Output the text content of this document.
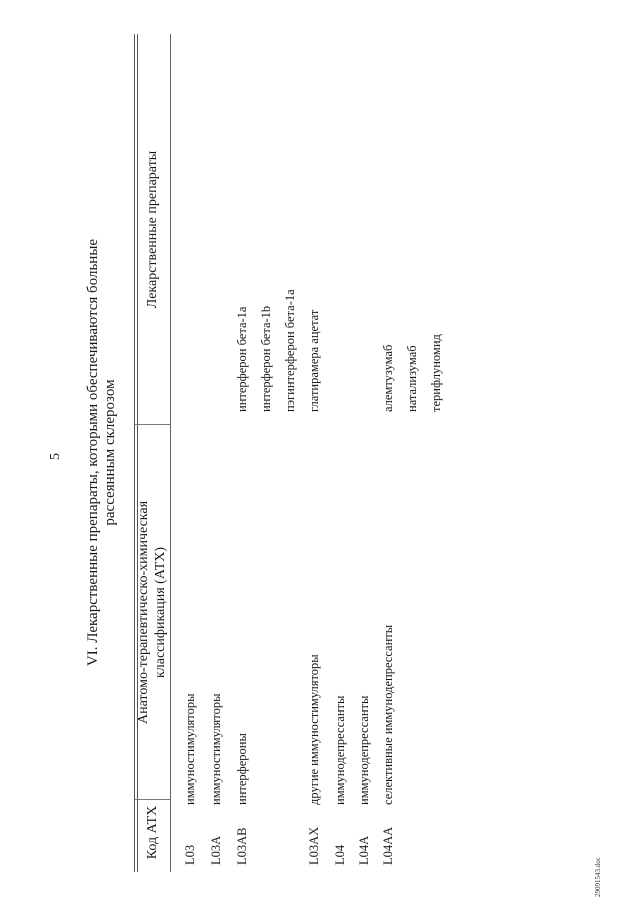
5 VI. Лекарственные препараты, которыми обеспечиваются больные рассеянным склерозом
Код АТХ
Анатомо-терапевтическо-химическая классификация (АТХ)
Лекарственные препараты
L03
иммуностимуляторы
L03A
иммуностимуляторы
L03AB
интерфероны
интерферон бета-1a интерферон бета-1b пэгинтерферон бета-1a
L03AX
другие иммуностимуляторы
глатирамера ацетат
L04
иммунодепрессанты
L04A
иммунодепрессанты
L04AA
селективные иммунодепрессанты
алемтузумаб натализумаб терифлуномид
29091543.doc
